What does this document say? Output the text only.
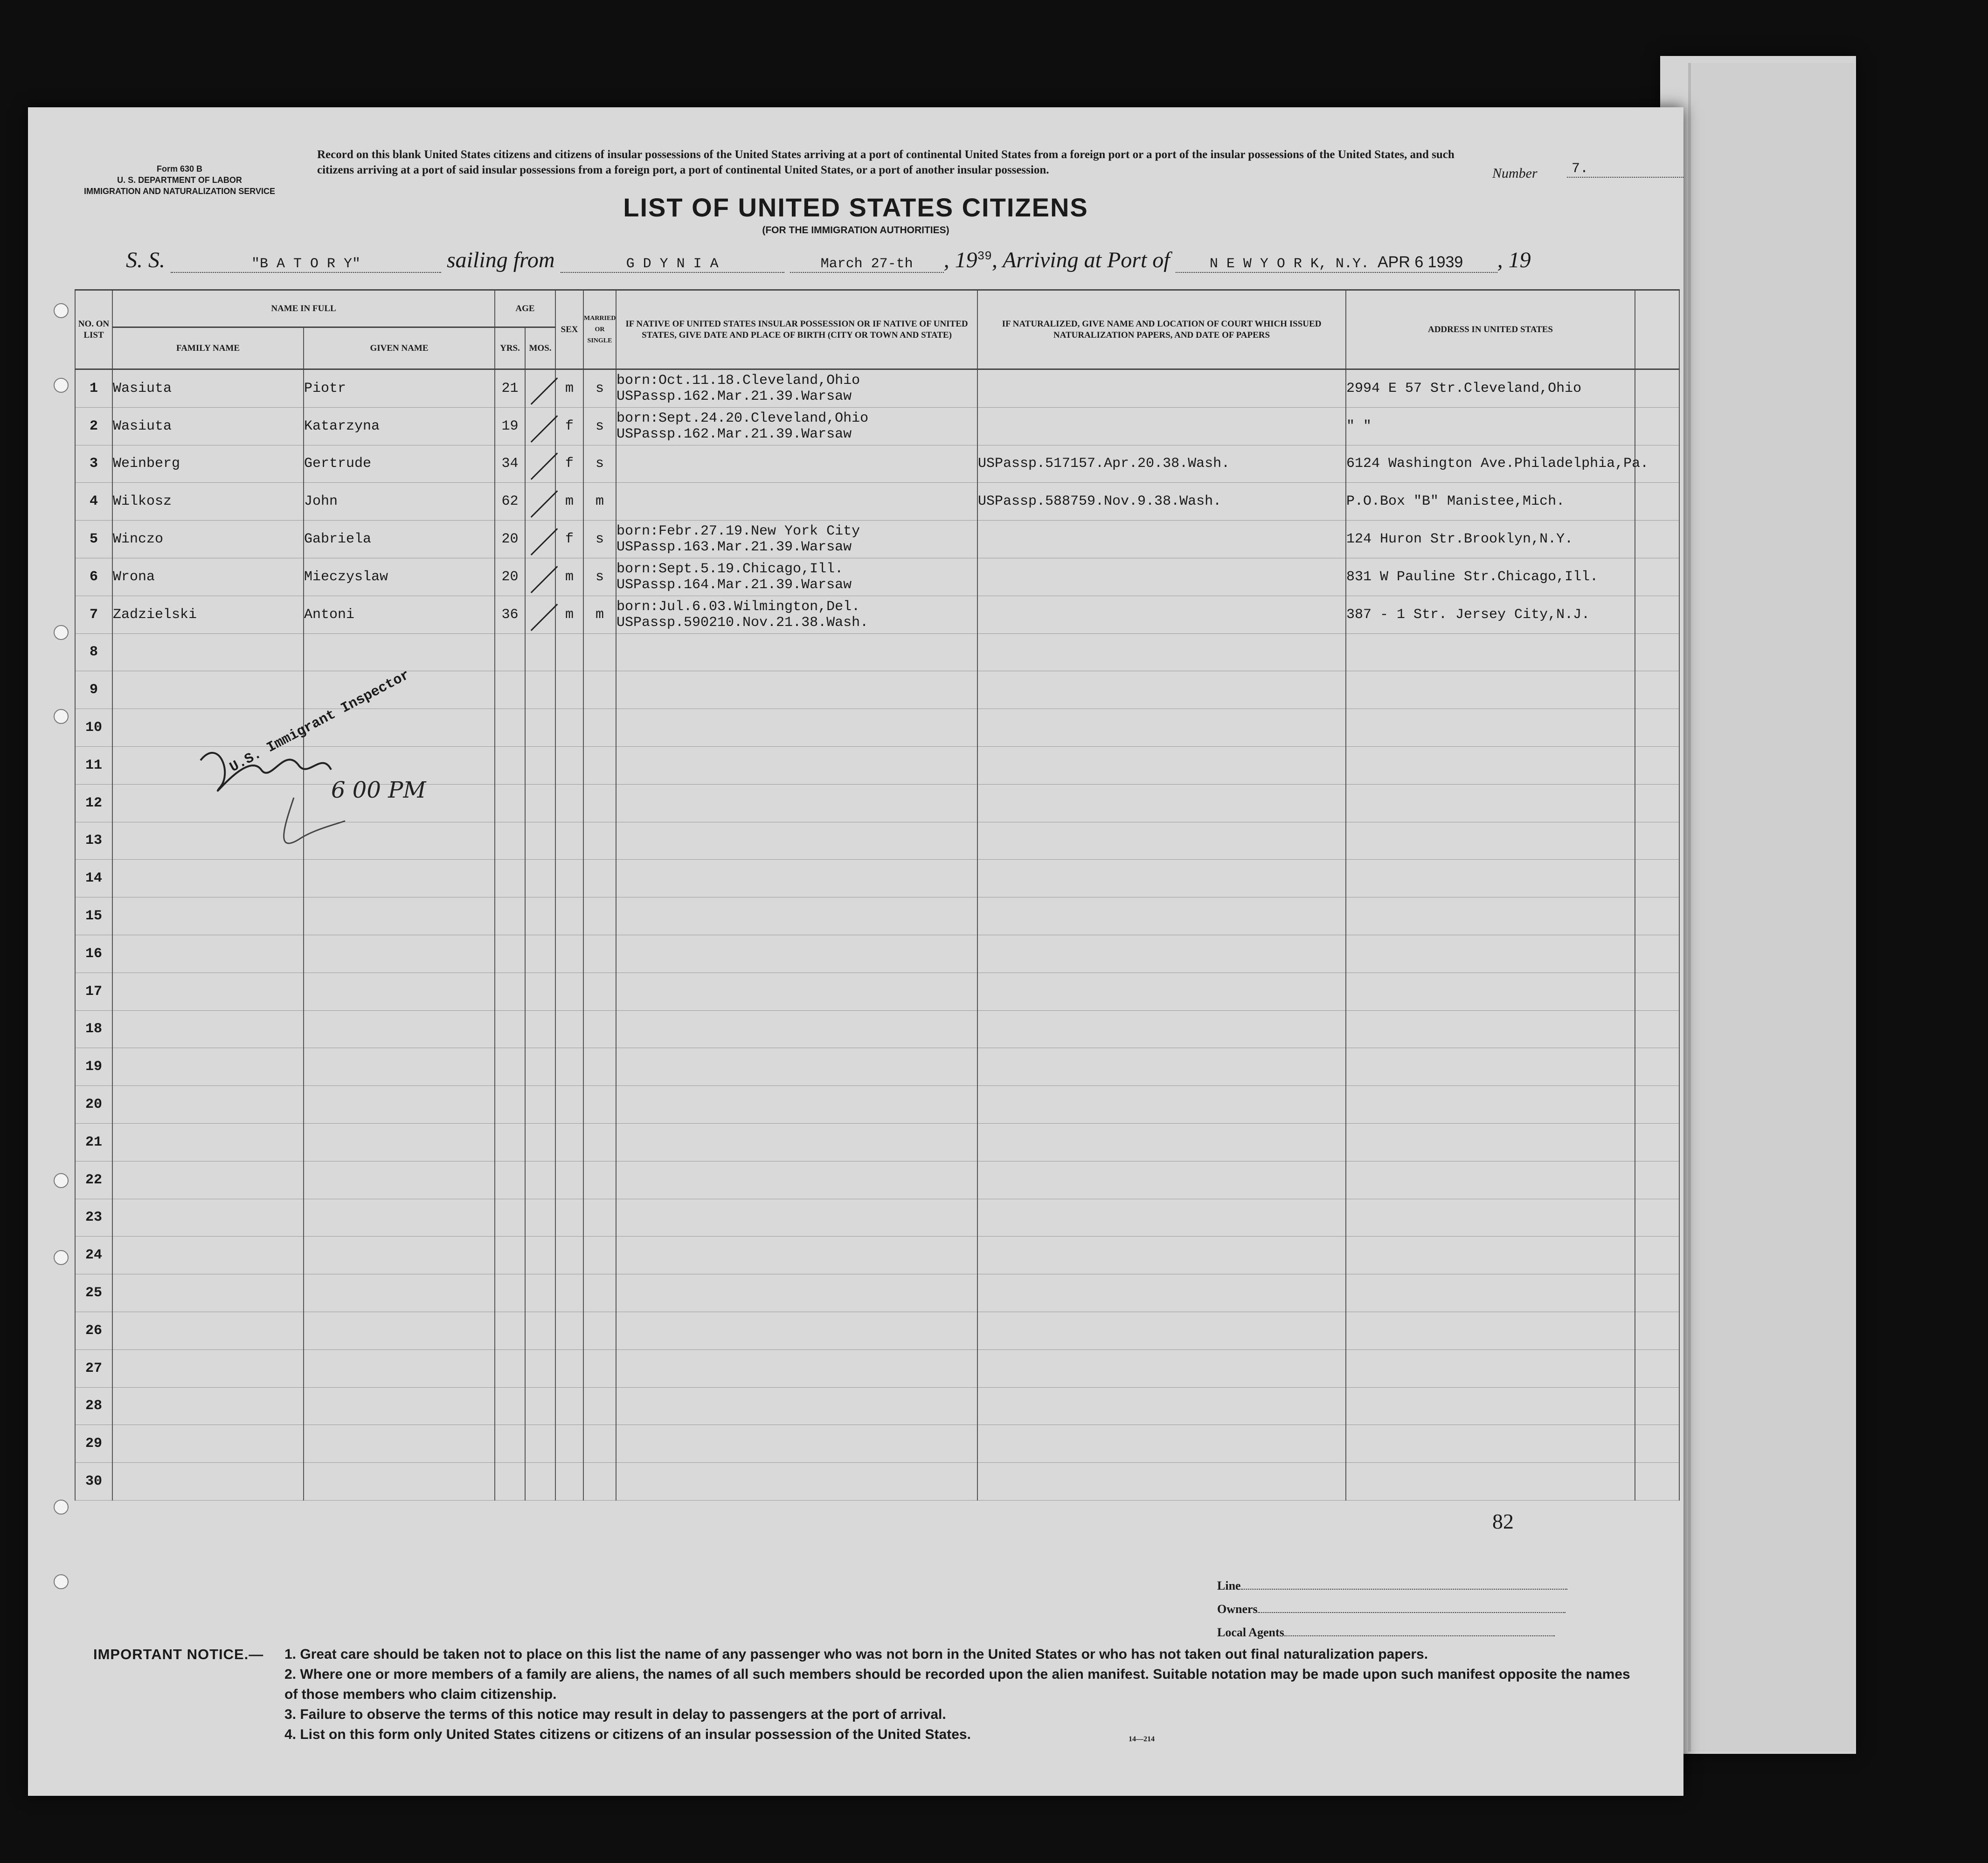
Form 630 B
U. S. DEPARTMENT OF LABOR
IMMIGRATION AND NATURALIZATION SERVICE
Record on this blank United States citizens and citizens of insular possessions of the United States arriving at a port of continental United States from a foreign port or a port of the insular possessions of the United States, and such citizens arriving at a port of said insular possessions from a foreign port, a port of continental United States, or a port of another insular possession.	Number	7.
LIST OF UNITED STATES CITIZENS
(FOR THE IMMIGRATION AUTHORITIES)
S. S.	"B A T O R Y"	sailing from	G D Y N I A	March 27-th , $19^{39}$, Arriving at Port of	N E W Y O R K, N.Y. APR 6 1939 , 19
NO. ON LIST	NAME IN FULL		AGE		SEX	MARRIED OR SINGLE	IF NATIVE OF UNITED STATES INSULAR POSSESSION OR IF NATIVE OF UNITED STATES, GIVE DATE AND PLACE OF BIRTH (CITY OR TOWN AND STATE)	IF NATURALIZED, GIVE NAME AND LOCATION OF COURT WHICH ISSUED NATURALIZATION PAPERS, AND DATE OF PAPERS	ADDRESS IN UNITED STATES	
	FAMILY NAME	GIVEN NAME	YRS.	MOS.						
1	Wasiuta	Piotr	21		m	s	born:Oct.11.18.Cleveland,Ohio
USPassp.162.Mar.21.39.Warsaw		2994 E 57 Str.Cleveland,Ohio	
2	Wasiuta	Katarzyna	19		f	s	born:Sept.24.20.Cleveland,Ohio
USPassp.162.Mar.21.39.Warsaw		" "	
3	Weinberg	Gertrude	34		f	s		USPassp.517157.Apr.20.38.Wash.	6124 Washington Ave.Philadelphia,Pa.	
4	Wilkosz	John	62		m	m		USPassp.588759.Nov.9.38.Wash.	P.O.Box "B" Manistee,Mich.	
5	Winczo	Gabriela	20		f	s	born:Febr.27.19.New York City
USPassp.163.Mar.21.39.Warsaw		124 Huron Str.Brooklyn,N.Y.	
6	Wrona	Mieczyslaw	20		m	s	born:Sept.5.19.Chicago,Ill.
USPassp.164.Mar.21.39.Warsaw		831 W Pauline Str.Chicago,Ill.	
7	Zadzielski	Antoni	36		m	m	born:Jul.6.03.Wilmington,Del.
USPassp.590210.Nov.21.38.Wash.		387 - 1 Str. Jersey City,N.J.	
8										
9										
10										
11										
12										
13										
14										
15										
16										
17										
18										
19										
20										
21										
22										
23										
24										
25										
26										
27										
28										
29										
30										
U.S. Immigrant Inspector
6 00 PM
82
Line
Owners
Local Agents
IMPORTANT NOTICE.— 1. Great care should be taken not to place on this list the name of any passenger who was not born in the United States or who has not taken out final naturalization papers.
2. Where one or more members of a family are aliens, the names of all such members should be recorded upon the alien manifest. Suitable notation may be made upon such manifest opposite the names of those members who claim citizenship.
3. Failure to observe the terms of this notice may result in delay to passengers at the port of arrival.
4. List on this form only United States citizens or citizens of an insular possession of the United States.	14—214
